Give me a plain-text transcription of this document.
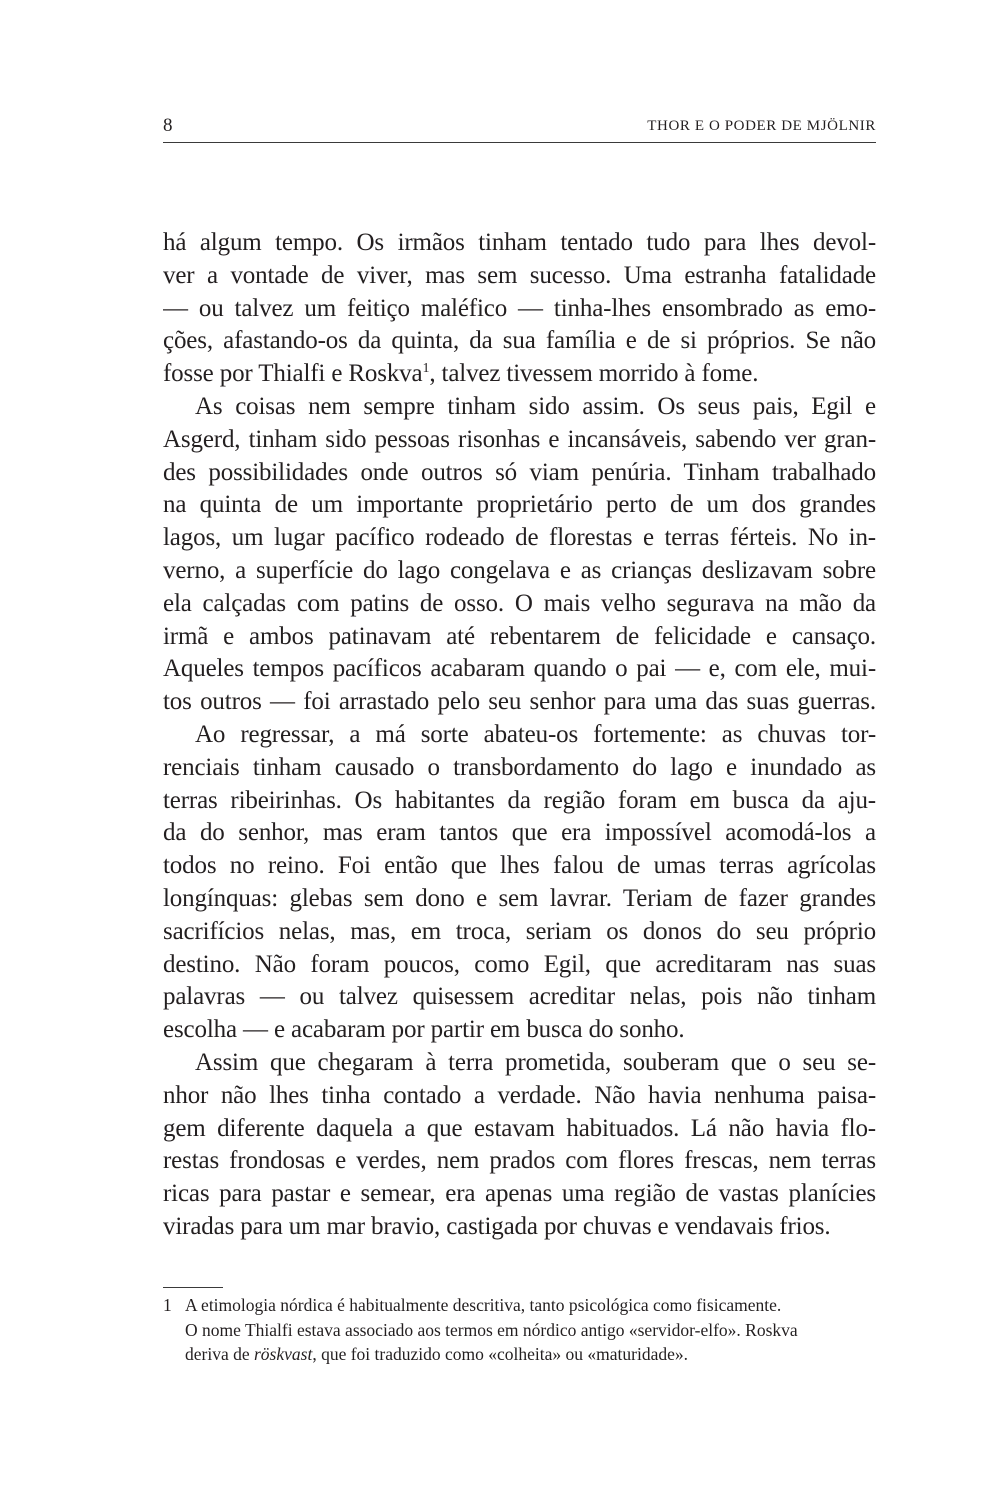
8	THOR E O PODER DE MJÖLNIR
há algum tempo. Os irmãos tinham tentado tudo para lhes devol-
ver a vontade de viver, mas sem sucesso. Uma estranha fatalidade
— ou talvez um feitiço maléfico — tinha-lhes ensombrado as emo-
ções, afastando-os da quinta, da sua família e de si próprios. Se não
fosse por Thialfi e Roskva$^1$, talvez tivessem morrido à fome.
As coisas nem sempre tinham sido assim. Os seus pais, Egil e
Asgerd, tinham sido pessoas risonhas e incansáveis, sabendo ver gran-
des possibilidades onde outros só viam penúria. Tinham trabalhado
na quinta de um importante proprietário perto de um dos grandes
lagos, um lugar pacífico rodeado de florestas e terras férteis. No in-
verno, a superfície do lago congelava e as crianças deslizavam sobre
ela calçadas com patins de osso. O mais velho segurava na mão da
irmã e ambos patinavam até rebentarem de felicidade e cansaço.
Aqueles tempos pacíficos acabaram quando o pai — e, com ele, mui-
tos outros — foi arrastado pelo seu senhor para uma das suas guerras.
Ao regressar, a má sorte abateu-os fortemente: as chuvas tor-
renciais tinham causado o transbordamento do lago e inundado as
terras ribeirinhas. Os habitantes da região foram em busca da aju-
da do senhor, mas eram tantos que era impossível acomodá-los a
todos no reino. Foi então que lhes falou de umas terras agrícolas
longínquas: glebas sem dono e sem lavrar. Teriam de fazer grandes
sacrifícios nelas, mas, em troca, seriam os donos do seu próprio
destino. Não foram poucos, como Egil, que acreditaram nas suas
palavras — ou talvez quisessem acreditar nelas, pois não tinham
escolha — e acabaram por partir em busca do sonho.
Assim que chegaram à terra prometida, souberam que o seu se-
nhor não lhes tinha contado a verdade. Não havia nenhuma paisa-
gem diferente daquela a que estavam habituados. Lá não havia flo-
restas frondosas e verdes, nem prados com flores frescas, nem terras
ricas para pastar e semear, era apenas uma região de vastas planícies
viradas para um mar bravio, castigada por chuvas e vendavais frios.
1 A etimologia nórdica é habitualmente descritiva, tanto psicológica como fisicamente.
O nome Thialfi estava associado aos termos em nórdico antigo «servidor-elfo». Roskva
deriva de röskvast, que foi traduzido como «colheita» ou «maturidade».
